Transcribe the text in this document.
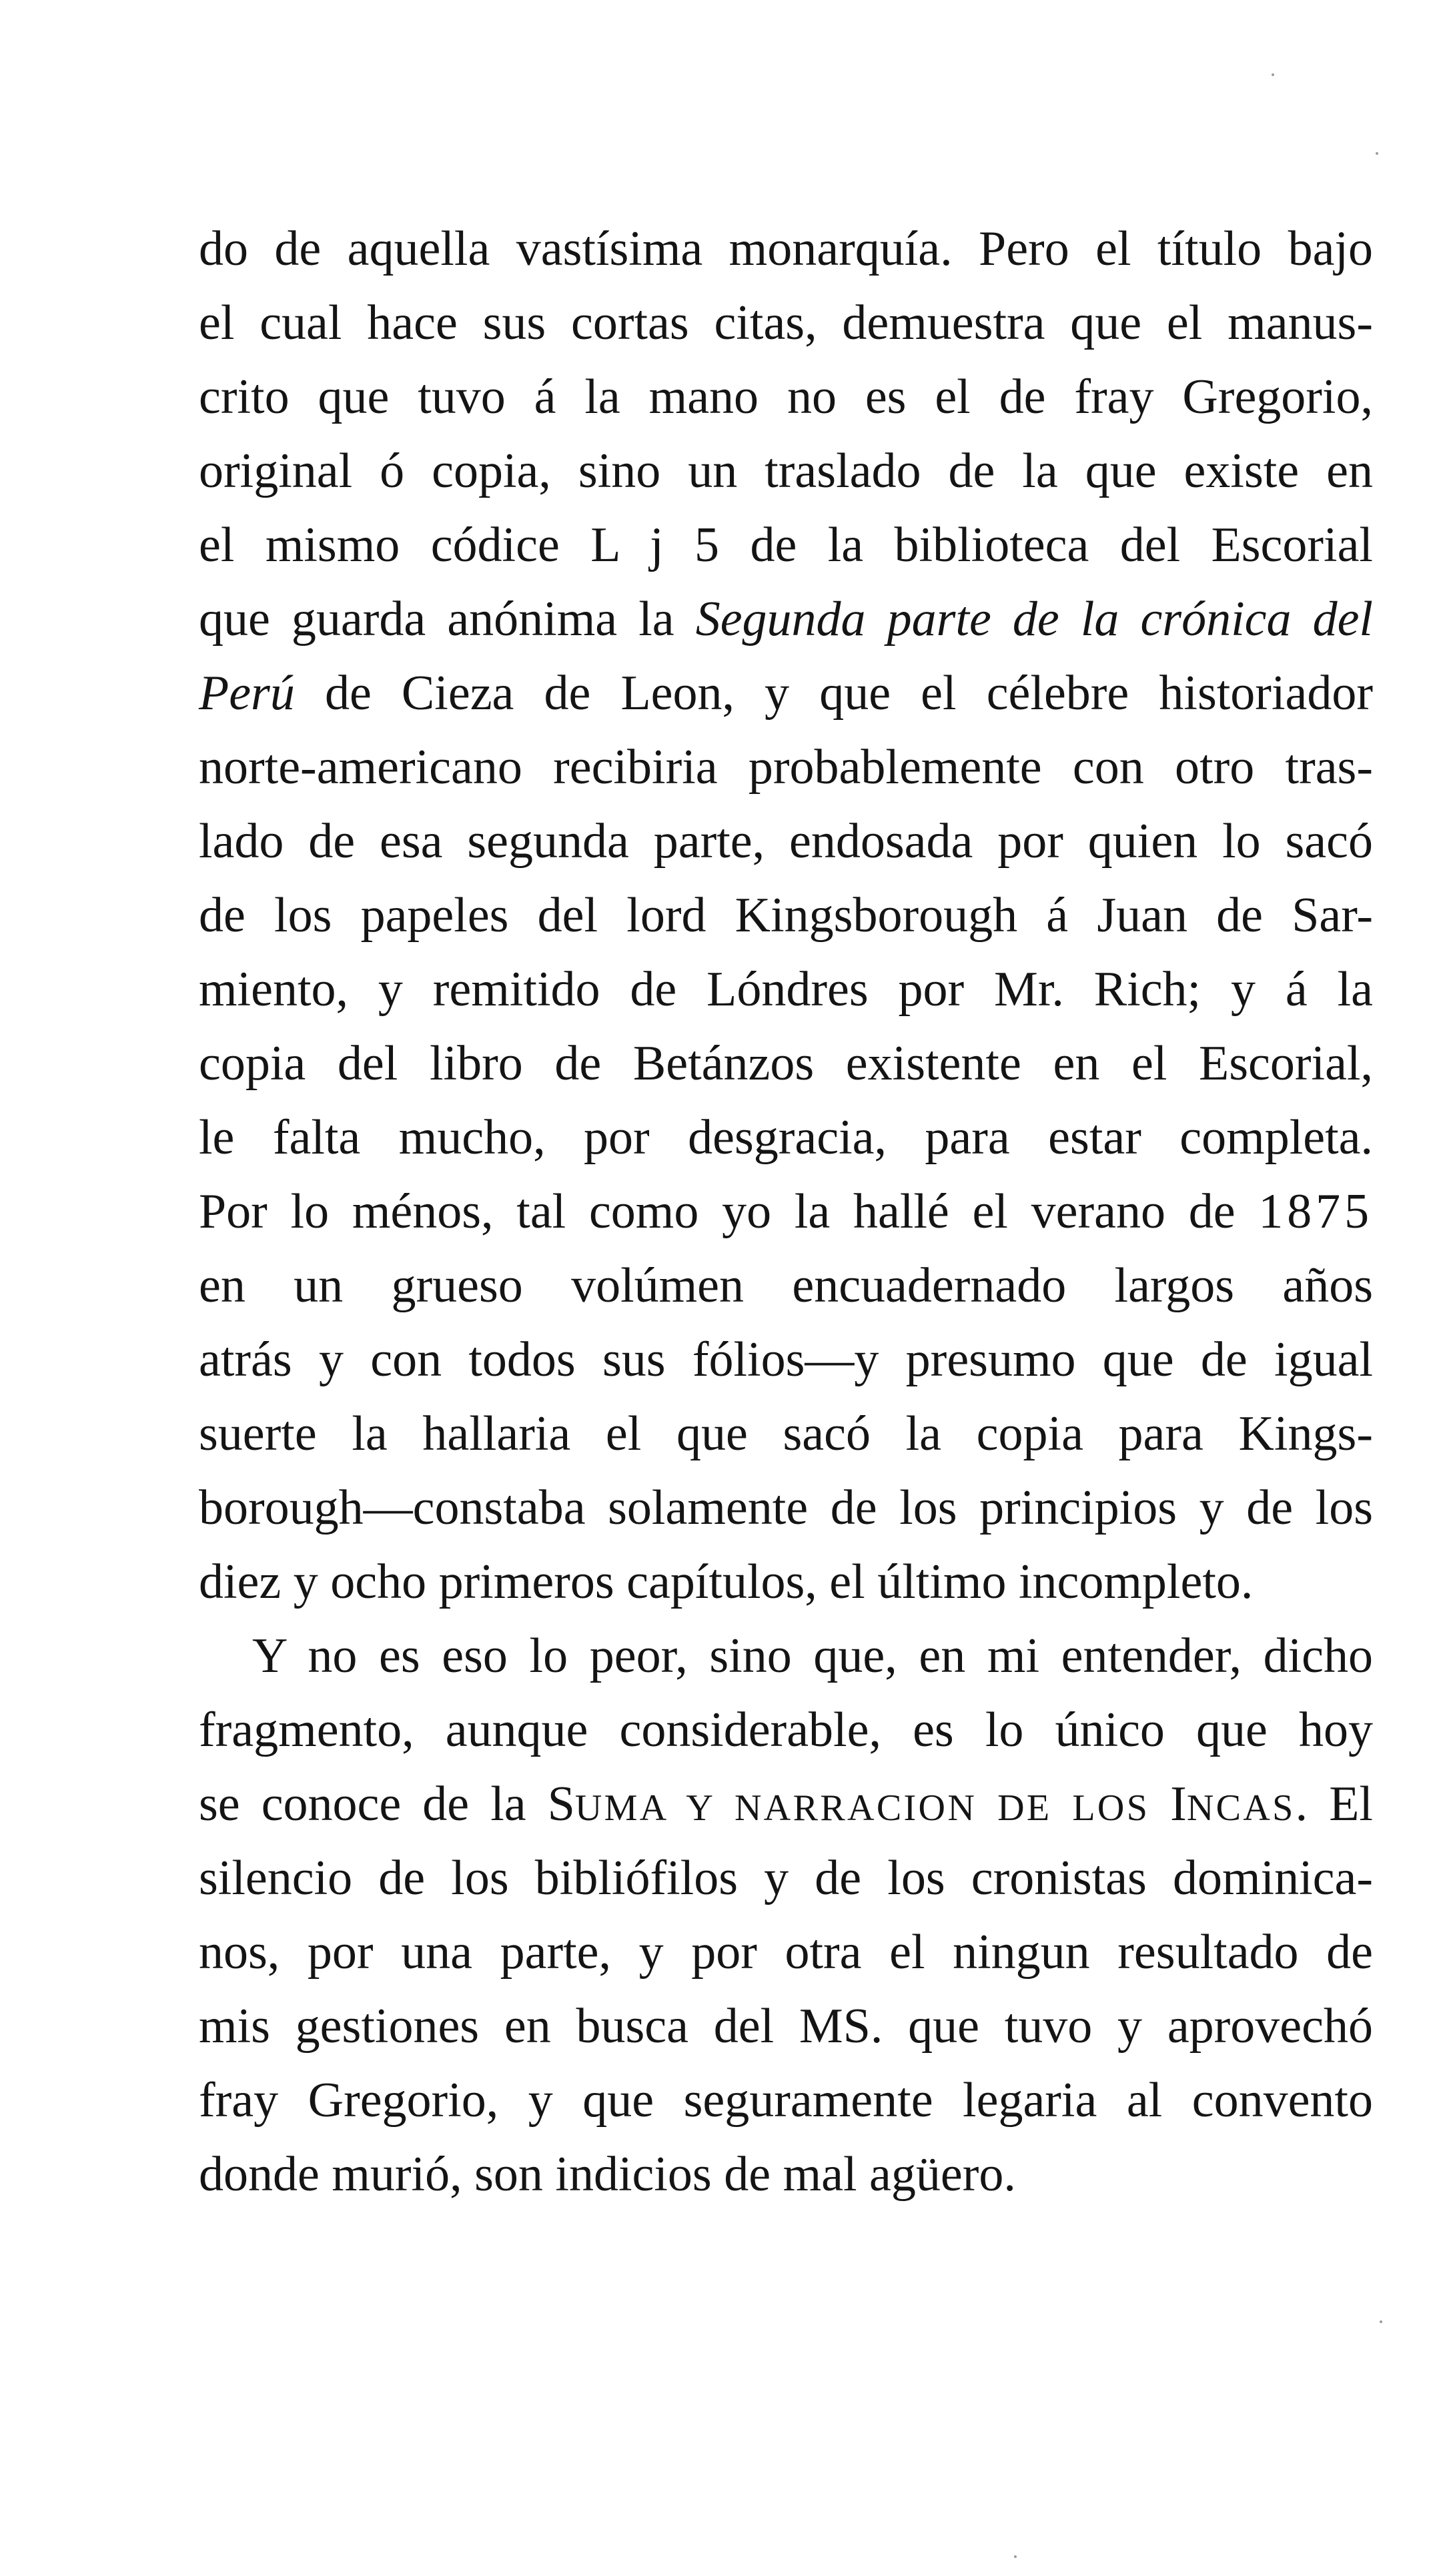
do de aquella vastísima monarquía. Pero el título bajo
el cual hace sus cortas citas, demuestra que el manus-
crito que tuvo á la mano no es el de fray Gregorio,
original ó copia, sino un traslado de la que existe en
el mismo códice L j 5 de la biblioteca del Escorial
que guarda anónima la Segunda parte de la crónica del
Perú de Cieza de Leon, y que el célebre historiador
norte-americano recibiria probablemente con otro tras-
lado de esa segunda parte, endosada por quien lo sacó
de los papeles del lord Kingsborough á Juan de Sar-
miento, y remitido de Lóndres por Mr. Rich; y á la
copia del libro de Betánzos existente en el Escorial,
le falta mucho, por desgracia, para estar completa.
Por lo ménos, tal como yo la hallé el verano de 1875
en un grueso volúmen encuadernado largos años
atrás y con todos sus fólios—y presumo que de igual
suerte la hallaria el que sacó la copia para Kings-
borough—constaba solamente de los principios y de los
diez y ocho primeros capítulos, el último incompleto.
Y no es eso lo peor, sino que, en mi entender, dicho
fragmento, aunque considerable, es lo único que hoy
se conoce de la SUMA Y NARRACION DE LOS INCAS. El
silencio de los bibliófilos y de los cronistas dominica-
nos, por una parte, y por otra el ningun resultado de
mis gestiones en busca del MS. que tuvo y aprovechó
fray Gregorio, y que seguramente legaria al convento
donde murió, son indicios de mal agüero.
